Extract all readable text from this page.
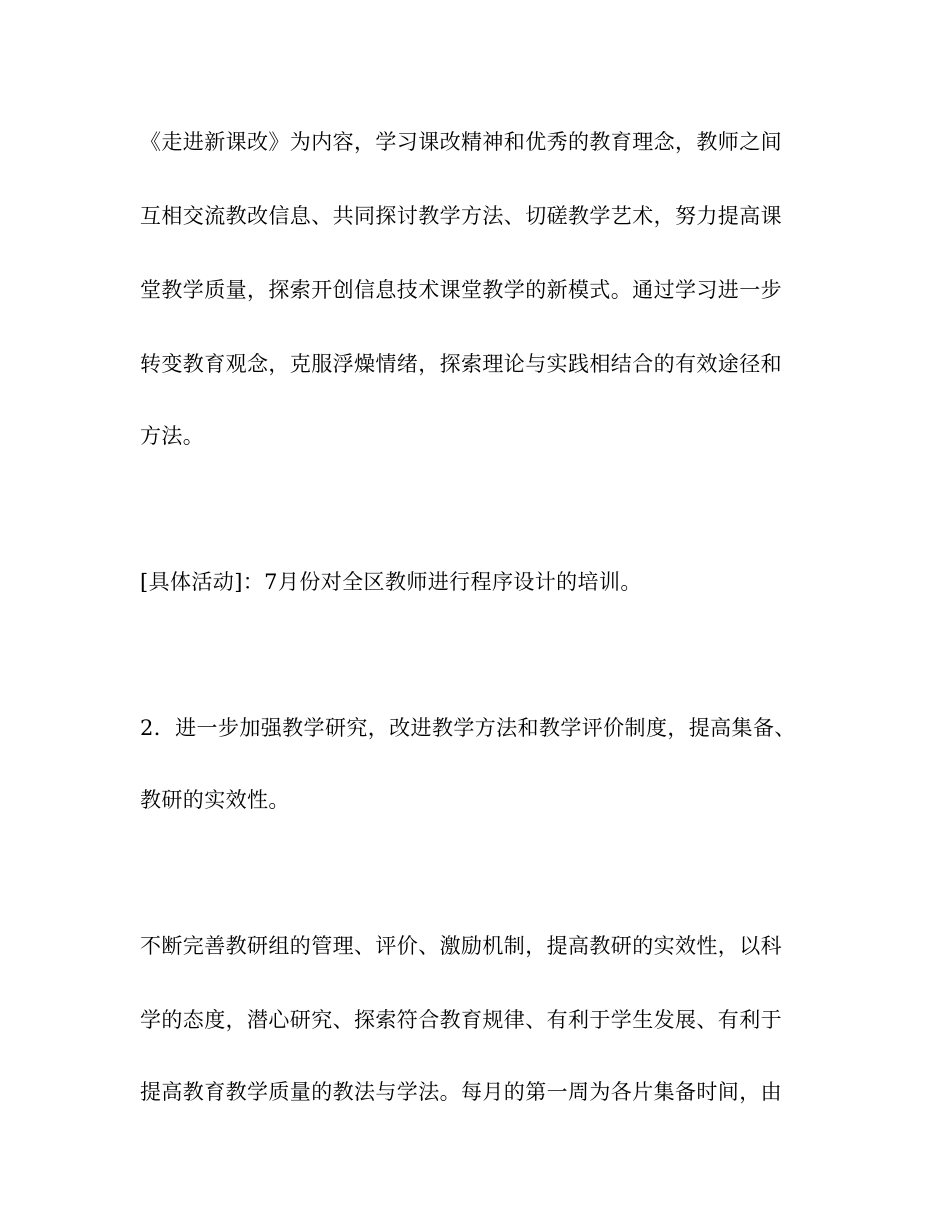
《走进新课改》为内容，学习课改精神和优秀的教育理念，教师之间
互相交流教改信息、共同探讨教学方法、切磋教学艺术，努力提高课
堂教学质量，探索开创信息技术课堂教学的新模式。通过学习进一步
转变教育观念，克服浮燥情绪，探索理论与实践相结合的有效途径和
方法。
[具体活动]：7月份对全区教师进行程序设计的培训。
2．进一步加强教学研究，改进教学方法和教学评价制度，提高集备、
教研的实效性。
不断完善教研组的管理、评价、激励机制，提高教研的实效性，以科
学的态度，潜心研究、探索符合教育规律、有利于学生发展、有利于
提高教育教学质量的教法与学法。每月的第一周为各片集备时间，由
